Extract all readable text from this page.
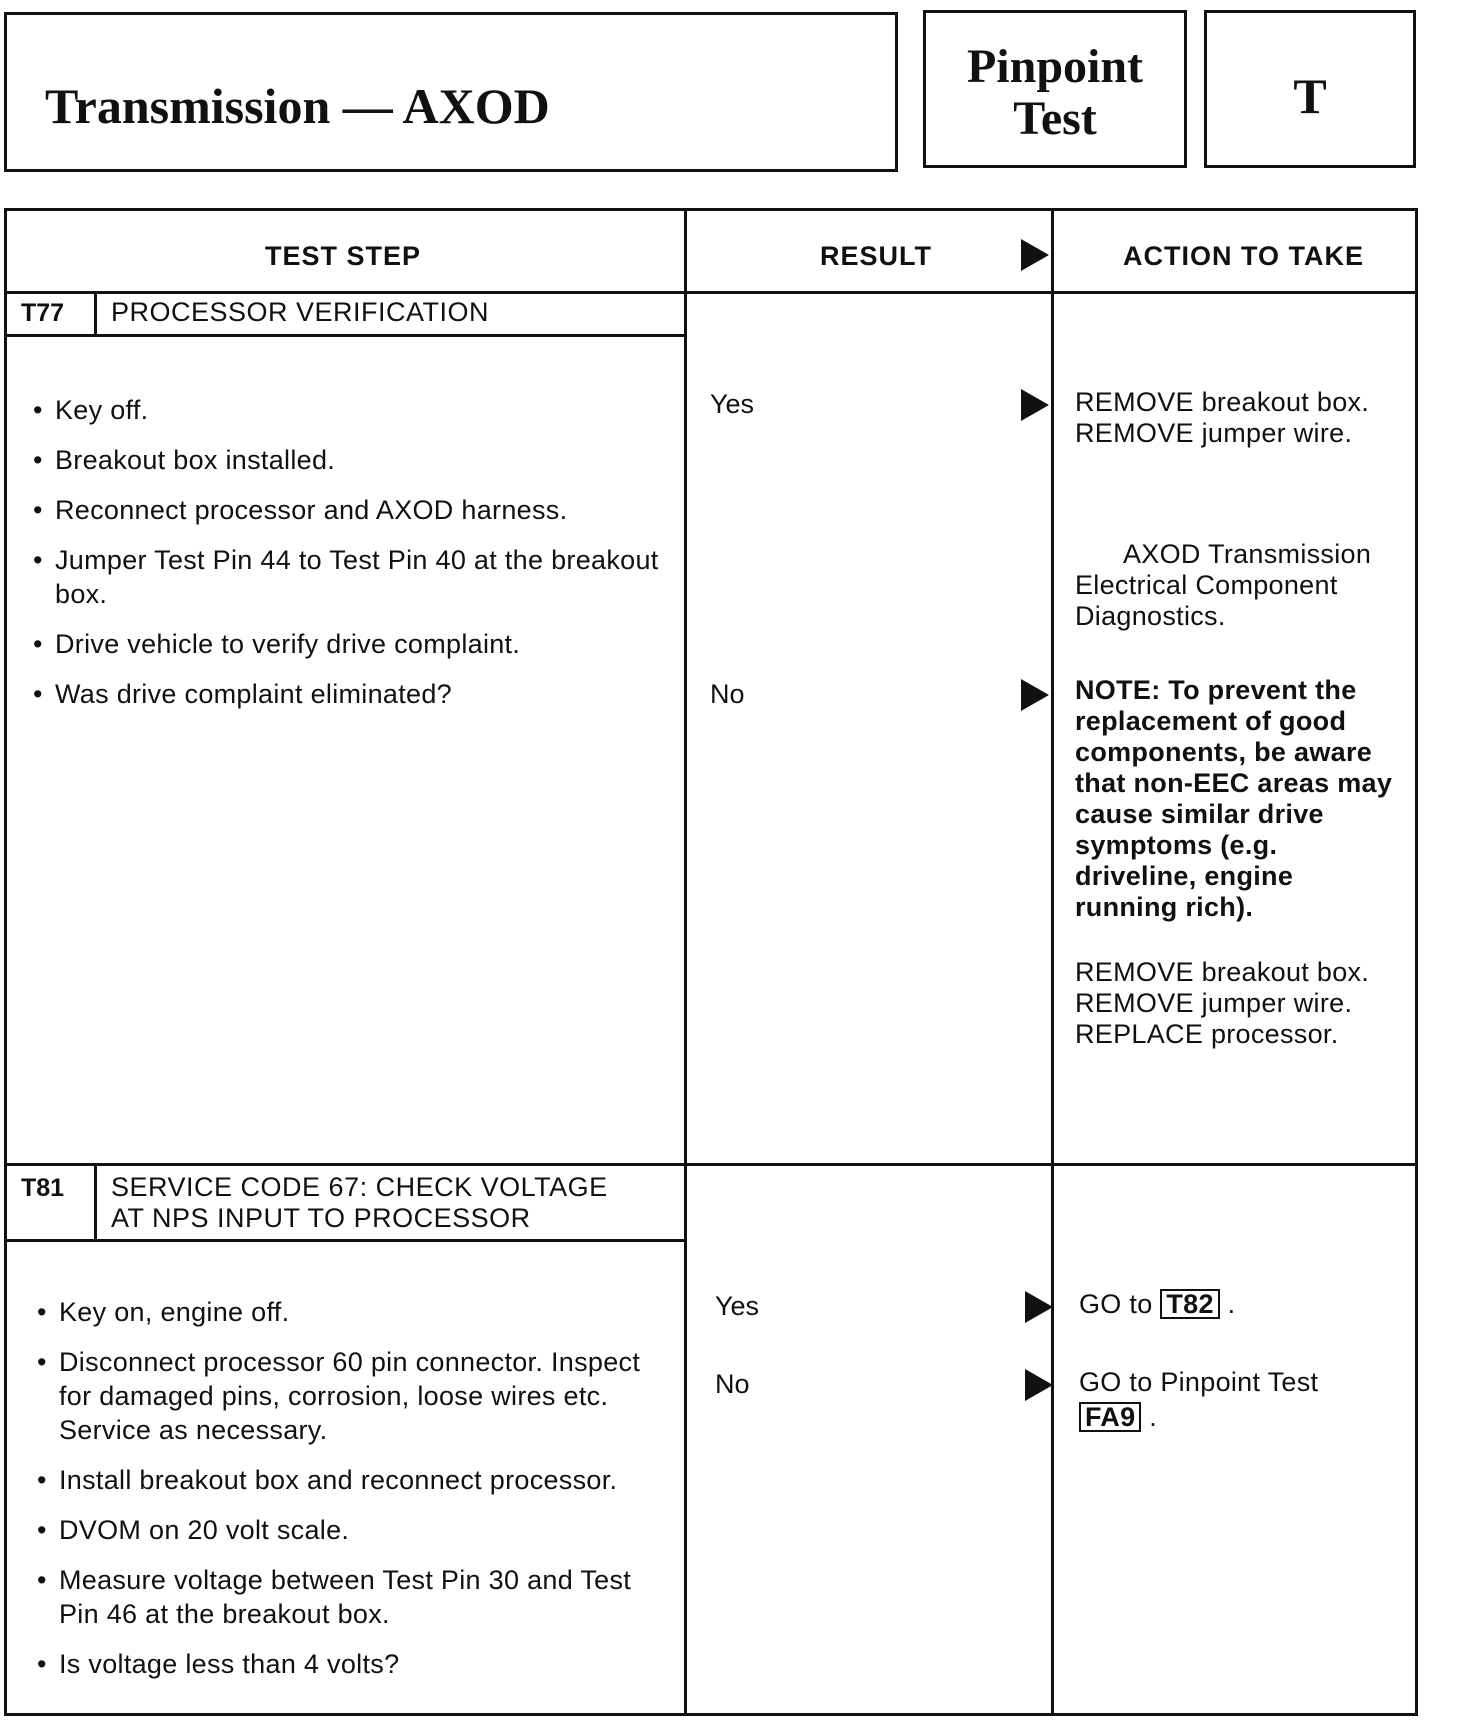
Transmission — AXOD
Pinpoint
Test	T
TEST STEP	RESULT	ACTION TO TAKE
T77	PROCESSOR VERIFICATION
• Key off.
• Breakout box installed.
• Reconnect processor and AXOD harness.
• Jumper Test Pin 44 to Test Pin 40 at the breakout box.
• Drive vehicle to verify drive complaint.
• Was drive complaint eliminated?
Yes	REMOVE breakout box.
REMOVE jumper wire.
AXOD Transmission
Electrical Component
Diagnostics.
No	NOTE: To prevent the replacement of good components, be aware that non-EEC areas may cause similar drive symptoms (e.g. driveline, engine running rich).
REMOVE breakout box.
REMOVE jumper wire.
REPLACE processor.
T81	SERVICE CODE 67: CHECK VOLTAGE
AT NPS INPUT TO PROCESSOR
• Key on, engine off.
• Disconnect processor 60 pin connector. Inspect for damaged pins, corrosion, loose wires etc. Service as necessary.
• Install breakout box and reconnect processor.
• DVOM on 20 volt scale.
• Measure voltage between Test Pin 30 and Test Pin 46 at the breakout box.
• Is voltage less than 4 volts?
Yes	GO to T82 .
No	GO to Pinpoint Test
FA9 .
